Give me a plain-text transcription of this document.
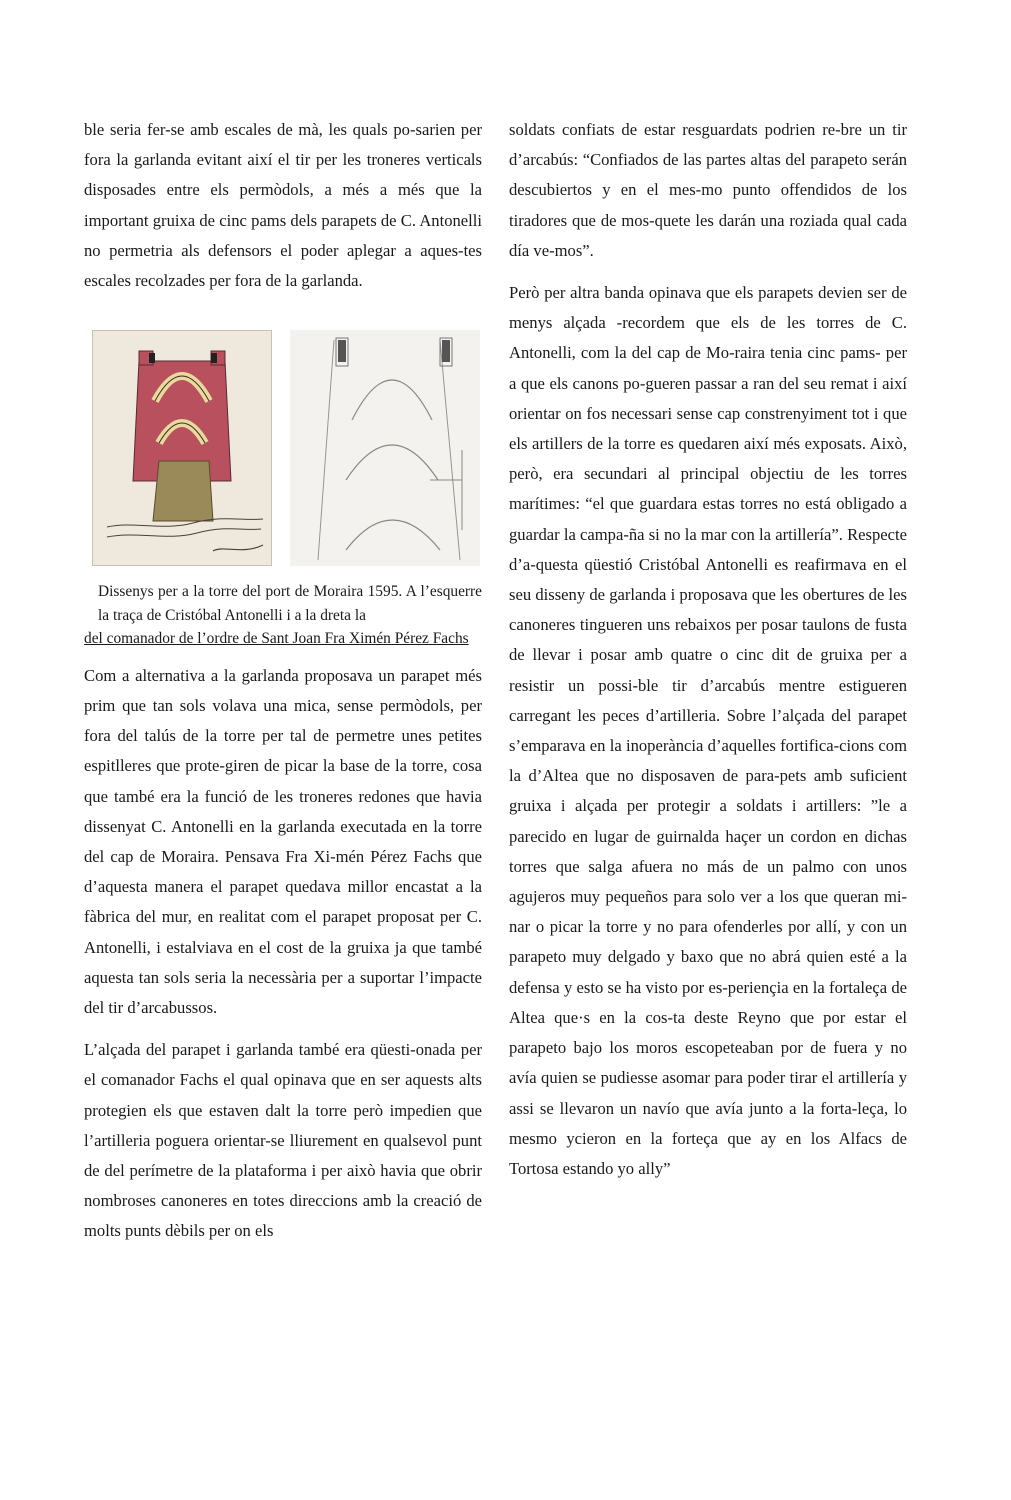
ble seria fer-se amb escales de mà, les quals po-sarien per fora la garlanda evitant així el tir per les troneres verticals disposades entre els permòdols, a més a més que la important gruixa de cinc pams dels parapets de C. Antonelli no permetria als defensors el poder aplegar a aques-tes escales recolzades per fora de la garlanda.

Dissenys per a la torre del port de Moraira 1595. A l’esquerre la traça de Cristóbal Antonelli i a la dreta la
del comanador de l’ordre de Sant Joan Fra Ximén Pérez Fachs

Com a alternativa a la garlanda proposava un parapet més prim que tan sols volava una mica, sense permòdols, per fora del talús de la torre per tal de permetre unes petites espitlleres que prote-giren de picar la base de la torre, cosa que també era la funció de les troneres redones que havia dissenyat C. Antonelli en la garlanda executada en la torre del cap de Moraira. Pensava Fra Xi-mén Pérez Fachs que d’aquesta manera el parapet quedava millor encastat a la fàbrica del mur, en realitat com el parapet proposat per C. Antonelli, i estalviava en el cost de la gruixa ja que també aquesta tan sols seria la necessària per a suportar l’impacte del tir d’arcabussos.

L’alçada del parapet i garlanda també era qüesti-onada per el comanador Fachs el qual opinava que en ser aquests alts protegien els que estaven dalt la torre però impedien que l’artilleria poguera orientar-se lliurement en qualsevol punt de del perímetre de la plataforma i per això havia que obrir nombroses canoneres en totes direccions amb la creació de molts punts dèbils per on els

soldats confiats de estar resguardats podrien re-bre un tir d’arcabús: “Confiados de las partes altas del parapeto serán descubiertos y en el mes-mo punto offendidos de los tiradores que de mos-quete les darán una roziada qual cada día ve-mos”.

Però per altra banda opinava que els parapets devien ser de menys alçada -recordem que els de les torres de C. Antonelli, com la del cap de Mo-raira tenia cinc pams- per a que els canons po-gueren passar a ran del seu remat i així orientar on fos necessari sense cap constrenyiment tot i que els artillers de la torre es quedaren així més exposats. Això, però, era secundari al principal objectiu de les torres marítimes: “el que guardara estas torres no está obligado a guardar la campa-ña si no la mar con la artillería”. Respecte d’a-questa qüestió Cristóbal Antonelli es reafirmava en el seu disseny de garlanda i proposava que les obertures de les canoneres tingueren uns rebaixos per posar taulons de fusta de llevar i posar amb quatre o cinc dit de gruixa per a resistir un possi-ble tir d’arcabús mentre estigueren carregant les peces d’artilleria. Sobre l’alçada del parapet s’emparava en la inoperància d’aquelles fortifica-cions com la d’Altea que no disposaven de para-pets amb suficient gruixa i alçada per protegir a soldats i artillers: ”le a parecido en lugar de guirnalda haçer un cordon en dichas torres que salga afuera no más de un palmo con unos agujeros muy pequeños para solo ver a los que queran mi-nar o picar la torre y no para ofenderles por allí, y con un parapeto muy delgado y baxo que no abrá quien esté a la defensa y esto se ha visto por es-periençia en la fortaleça de Altea que·s en la cos-ta deste Reyno que por estar el parapeto bajo los moros escopeteaban por de fuera y no avía quien se pudiesse asomar para poder tirar el artillería y assi se llevaron un navío que avía junto a la forta-leça, lo mesmo ycieron en la forteça que ay en los Alfacs de Tortosa estando yo ally”
